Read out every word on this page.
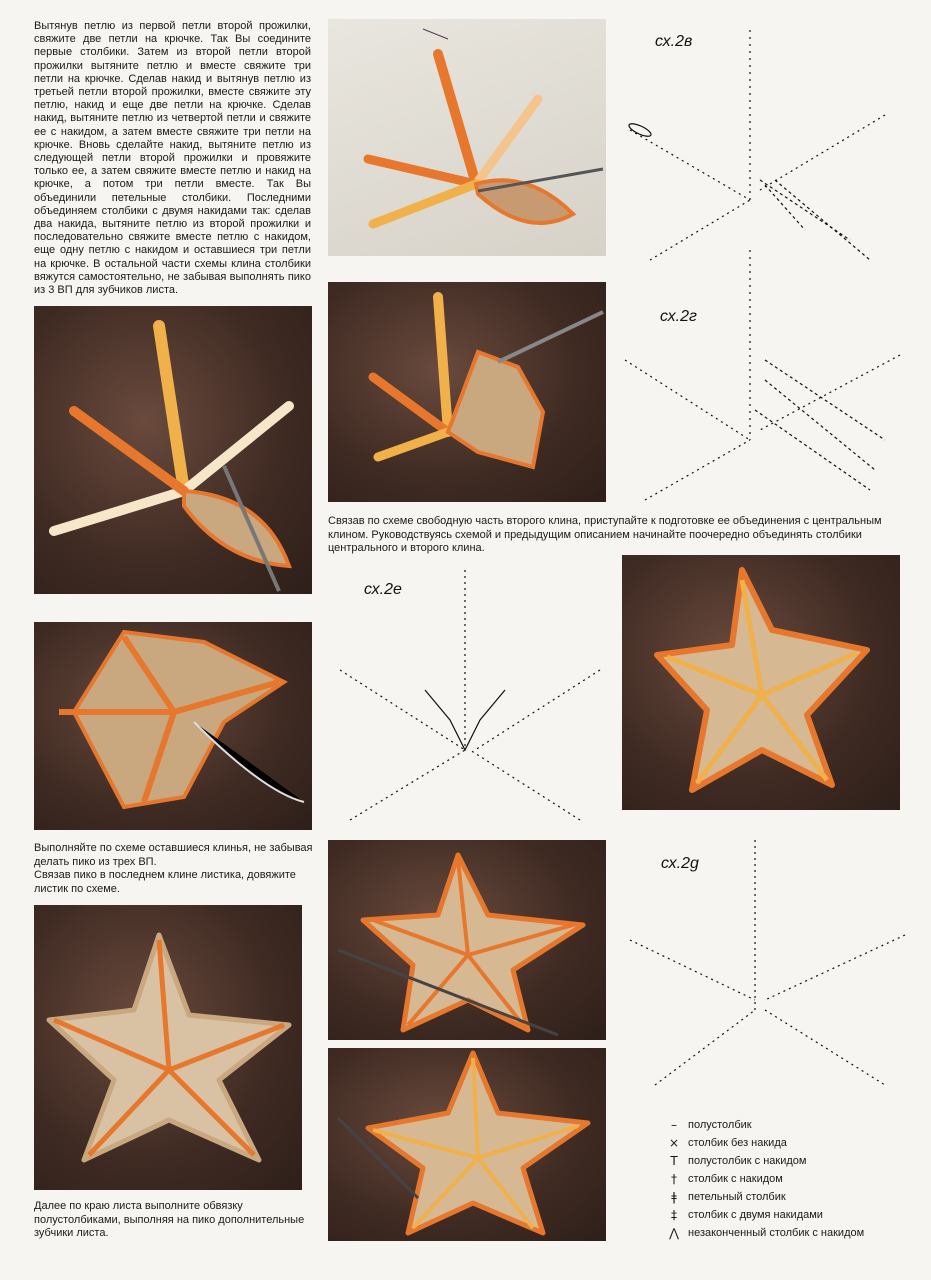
Вытянув петлю из первой петли второй прожилки, свяжите две петли на крючке. Так Вы соедините первые столбики. Затем из второй петли второй прожилки вытяните петлю и вместе свяжите три петли на крючке. Сделав накид и вытянув петлю из третьей петли второй прожилки, вместе свяжите эту петлю, накид и еще две петли на крючке. Сделав накид, вытяните петлю из четвертой петли и свяжите ее с накидом, а затем вместе свяжите три петли на крючке. Вновь сделайте накид, вытяните петлю из следующей петли второй прожилки и провяжите только ее, а затем свяжите вместе петлю и накид на крючке, а потом три петли вместе. Так Вы объединили петельные столбики. Последними объединяем столбики с двумя накидами так: сделав два накида, вытяните петлю из второй прожилки и последовательно свяжите вместе петлю с накидом, еще одну петлю с накидом и оставшиеся три петли на крючке. В остальной части схемы клина столбики вяжутся самостоятельно, не забывая выполнять пико из 3 ВП для зубчиков листа.
Связав по схеме свободную часть второго клина, приступайте к подготовке ее объединения с центральным клином. Руководствуясь схемой и предыдущим описанием начинайте поочередно объединять столбики центрального и второго клина.
сх.2в
сх.2г
сх.2е
Выполняйте по схеме оставшиеся клинья, не забывая делать пико из трех ВП.
Связав пико в последнем клине листика, довяжите листик по схеме.
сх.2g
Далее по краю листа выполните обвязку полустолбиками, выполняя на пико дополнительные зубчики листа.
–	полустолбик
× столбик без накида
T полустолбик с накидом
†	столбик с накидом
ǂ	петельный столбик
‡	столбик с двумя накидами
⋀ незаконченный столбик с накидом
